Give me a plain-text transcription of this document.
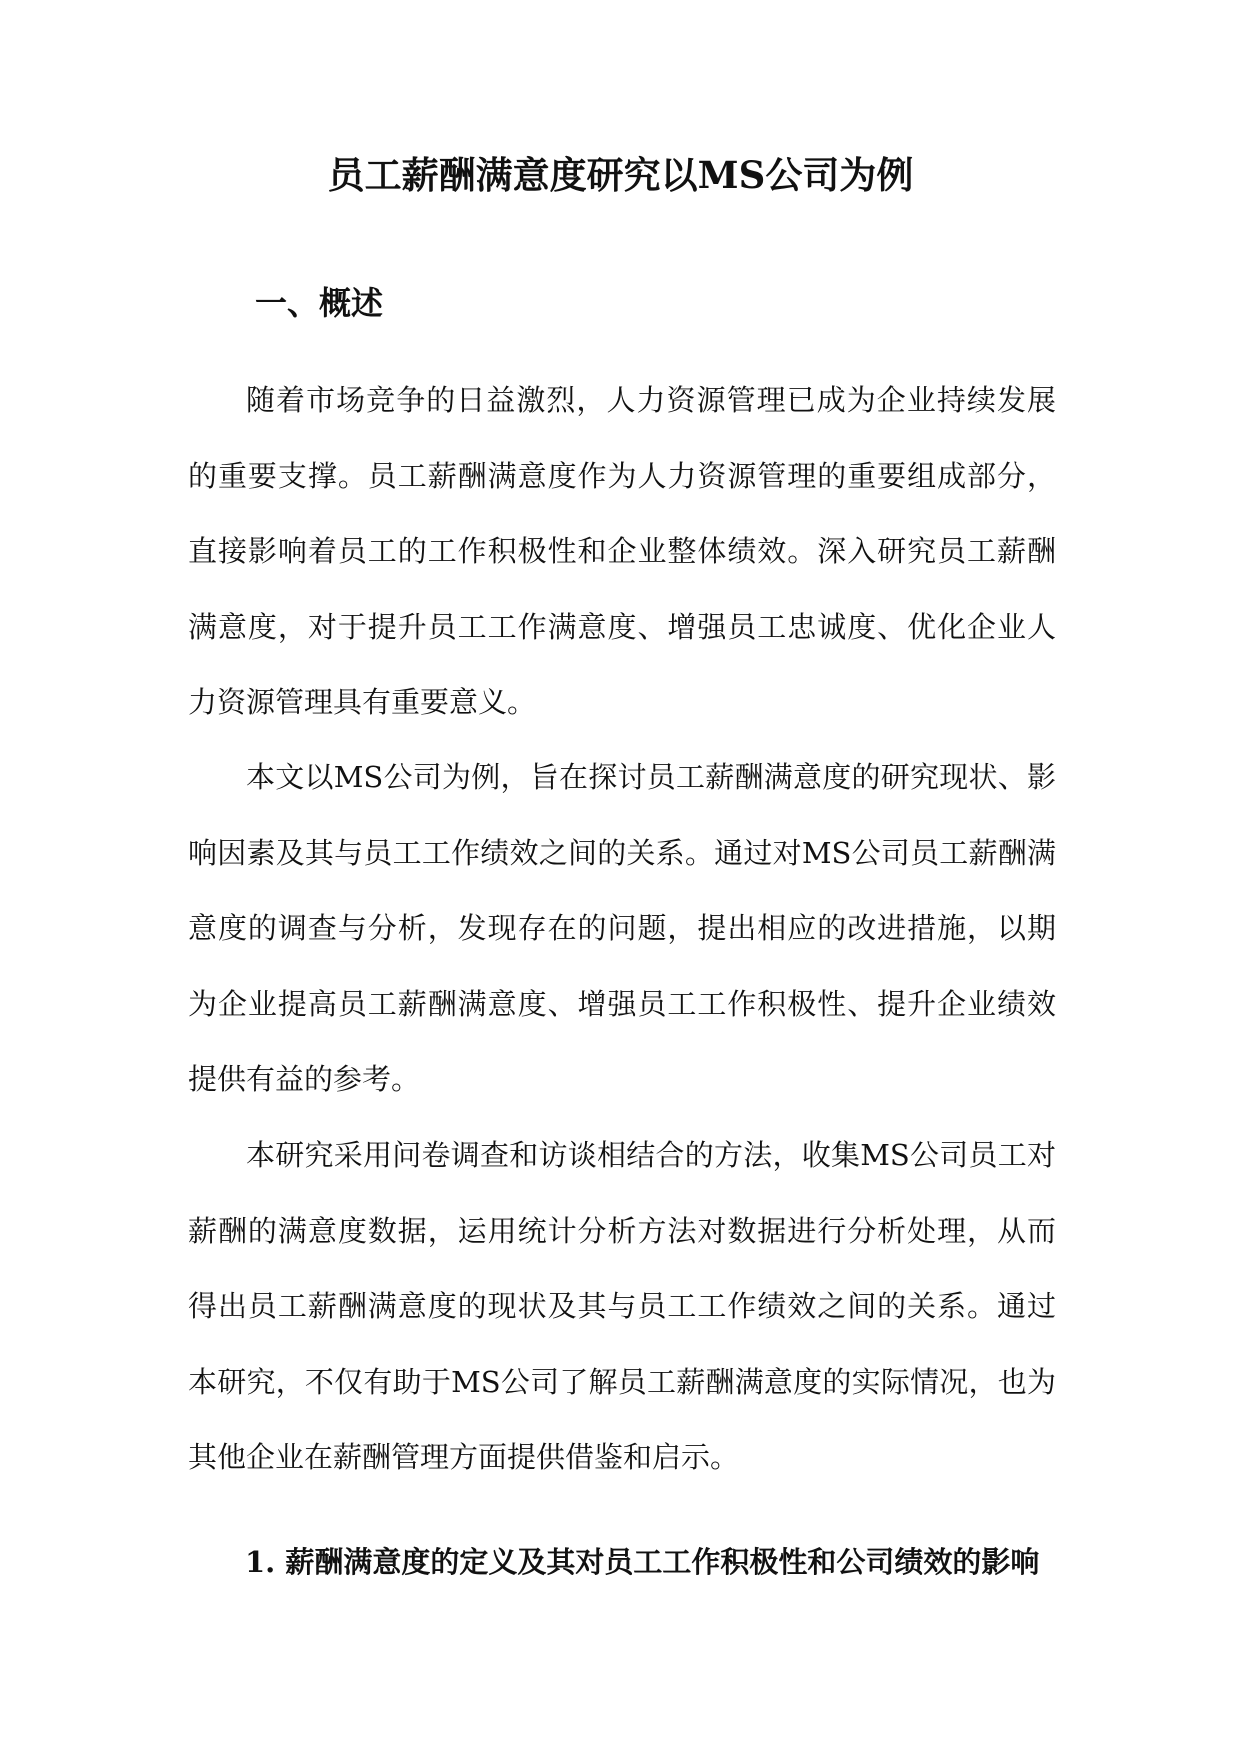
员工薪酬满意度研究以MS公司为例
一、概述

随着市场竞争的日益激烈，人力资源管理已成为企业持续发展的重要支撑。员工薪酬满意度作为人力资源管理的重要组成部分，直接影响着员工的工作积极性和企业整体绩效。深入研究员工薪酬满意度，对于提升员工工作满意度、增强员工忠诚度、优化企业人力资源管理具有重要意义。

本文以MS公司为例，旨在探讨员工薪酬满意度的研究现状、影响因素及其与员工工作绩效之间的关系。通过对MS公司员工薪酬满意度的调查与分析，发现存在的问题，提出相应的改进措施，以期为企业提高员工薪酬满意度、增强员工工作积极性、提升企业绩效提供有益的参考。

本研究采用问卷调查和访谈相结合的方法，收集MS公司员工对薪酬的满意度数据，运用统计分析方法对数据进行分析处理，从而得出员工薪酬满意度的现状及其与员工工作绩效之间的关系。通过本研究，不仅有助于MS公司了解员工薪酬满意度的实际情况，也为其他企业在薪酬管理方面提供借鉴和启示。

1. 薪酬满意度的定义及其对员工工作积极性和公司绩效的影响
